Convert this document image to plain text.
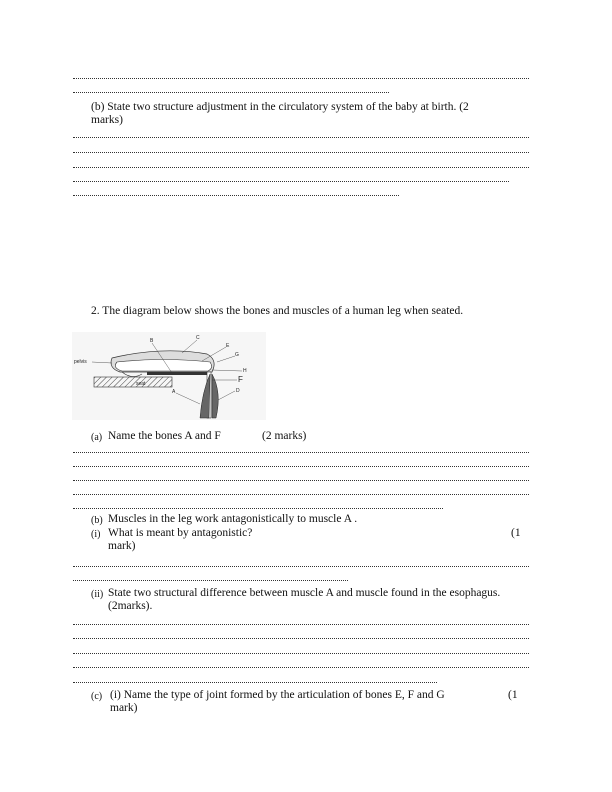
(b) State two structure adjustment in the circulatory system of the baby at birth. (2
marks)
2. The diagram below shows the bones and muscles of a human leg when seated.
pelvis
B	C
E
G
H
F
D
A
seat
(a) Name the bones A and F	(2 marks)
(b) Muscles in the leg work antagonistically to muscle A .
(i) What is meant by antagonistic?	(1
mark)
(ii) State two structural difference between muscle A and muscle found in the esophagus.
(2marks).
(c) (i) Name the type of joint formed by the articulation of bones E, F and G	(1
mark)
